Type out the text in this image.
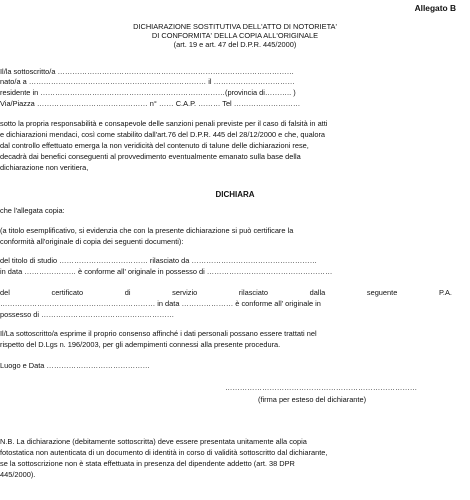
Allegato B
DICHIARAZIONE SOSTITUTIVA DELL'ATTO DI NOTORIETA'
DI CONFORMITA' DELLA COPIA ALL'ORIGINALE
(art. 19 e art. 47 del D.P.R. 445/2000)
Il/la sottoscritto/a ……………………………………………………………………………………
nato/a a ……………………………………………………………… il ……………………………
residente in …………………………………………………………………(provincia di……….. )
Via/Piazza ……………………………………… n° …… C.A.P. ……… Tel ………………………
sotto la propria responsabilità e consapevole delle sanzioni penali previste per il caso di falsità in atti
e dichiarazioni mendaci, così come stabilito dall'art.76 del D.P.R. 445 del 28/12/2000 e che, qualora
dal controllo effettuato emerga la non veridicità del contenuto di talune delle dichiarazioni rese,
decadrà dai benefici conseguenti al provvedimento eventualmente emanato sulla base della
dichiarazione non veritiera,
DICHIARA
che l'allegata copia:
(a titolo esemplificativo, si evidenzia che con la presente dichiarazione si può certificare la
conformità all'originale di copia dei seguenti documenti):
del titolo di studio ……………………………… rilasciato da ……………………………………………
in data ………………… è conforme all' originale in possesso di ……………………………………………
del	certificato	di	servizio	rilasciato	dalla	seguente	P.A.
……………………………………………………… in data ………………… è conforme all' originale in
possesso di ………………………………………………
Il/La sottoscritto/a esprime il proprio consenso affinché i dati personali possano essere trattati nel
rispetto del D.Lgs n. 196/2003, per gli adempimenti connessi alla presente procedura.
Luogo e Data ……………………………………
……………………………………………………………………
(firma per esteso del dichiarante)
N.B. La dichiarazione (debitamente sottoscritta) deve essere presentata unitamente alla copia
fotostatica non autenticata di un documento di identità in corso di validità sottoscritto dal dichiarante,
se la sottoscrizione non è stata effettuata in presenza del dipendente addetto (art. 38 DPR
445/2000).
